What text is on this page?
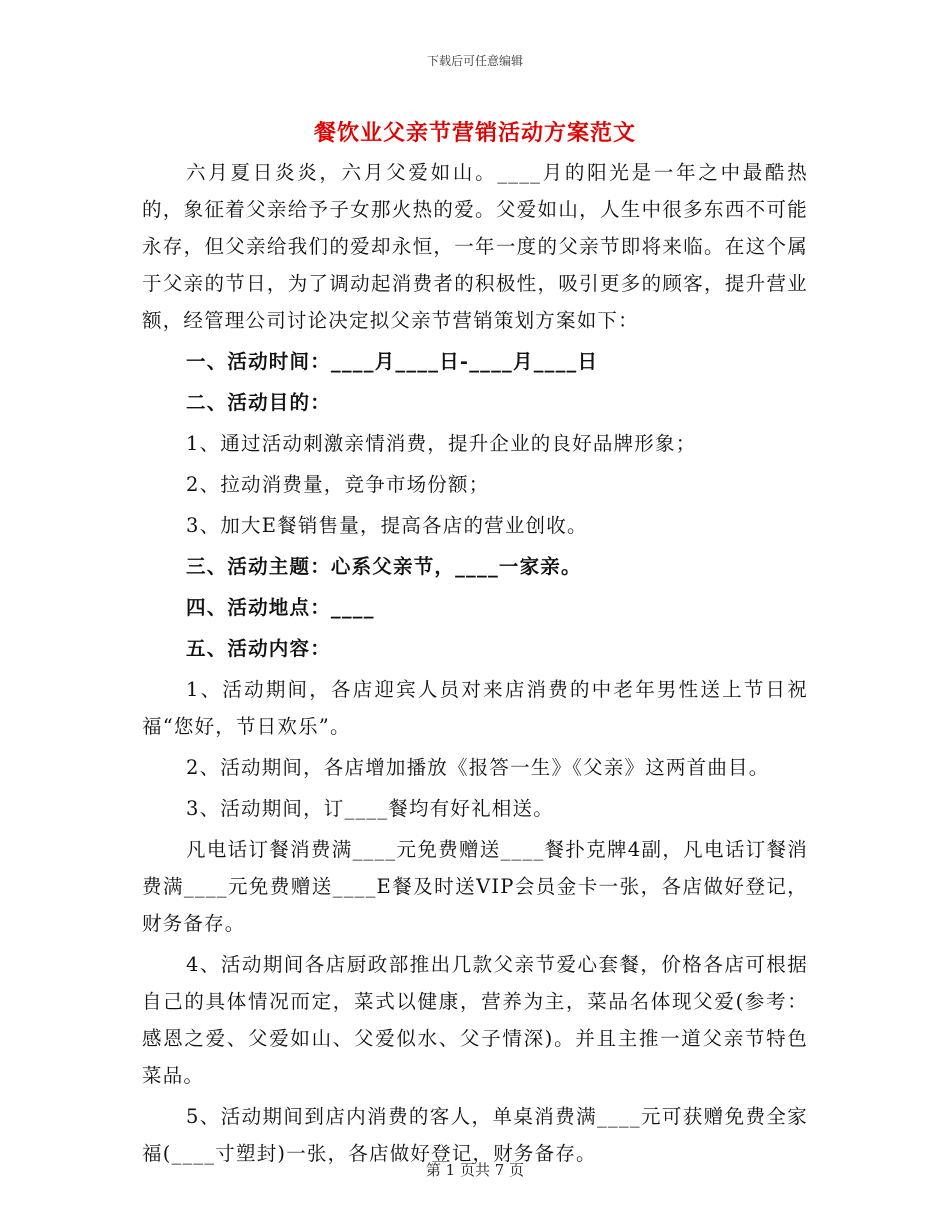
下载后可任意编辑
餐饮业父亲节营销活动方案范文

六月夏日炎炎，六月父爱如山。____月的阳光是一年之中最酷热的，象征着父亲给予子女那火热的爱。父爱如山，人生中很多东西不可能永存，但父亲给我们的爱却永恒，一年一度的父亲节即将来临。在这个属于父亲的节日，为了调动起消费者的积极性，吸引更多的顾客，提升营业额，经管理公司讨论决定拟父亲节营销策划方案如下：

一、活动时间：____月____日-____月____日

二、活动目的：

1、通过活动刺激亲情消费，提升企业的良好品牌形象；

2、拉动消费量，竞争市场份额；

3、加大E餐销售量，提高各店的营业创收。

三、活动主题：心系父亲节，____一家亲。

四、活动地点：____

五、活动内容：

1、活动期间，各店迎宾人员对来店消费的中老年男性送上节日祝福“您好，节日欢乐”。

2、活动期间，各店增加播放《报答一生》《父亲》这两首曲目。

3、活动期间，订____餐均有好礼相送。

凡电话订餐消费满____元免费赠送____餐扑克牌4副，凡电话订餐消费满____元免费赠送____E餐及时送VIP会员金卡一张，各店做好登记，财务备存。

4、活动期间各店厨政部推出几款父亲节爱心套餐，价格各店可根据自己的具体情况而定，菜式以健康，营养为主，菜品名体现父爱(参考：感恩之爱、父爱如山、父爱似水、父子情深)。并且主推一道父亲节特色菜品。

5、活动期间到店内消费的客人，单桌消费满____元可获赠免费全家福(____寸塑封)一张，各店做好登记，财务备存。

第 1 页共 7 页
